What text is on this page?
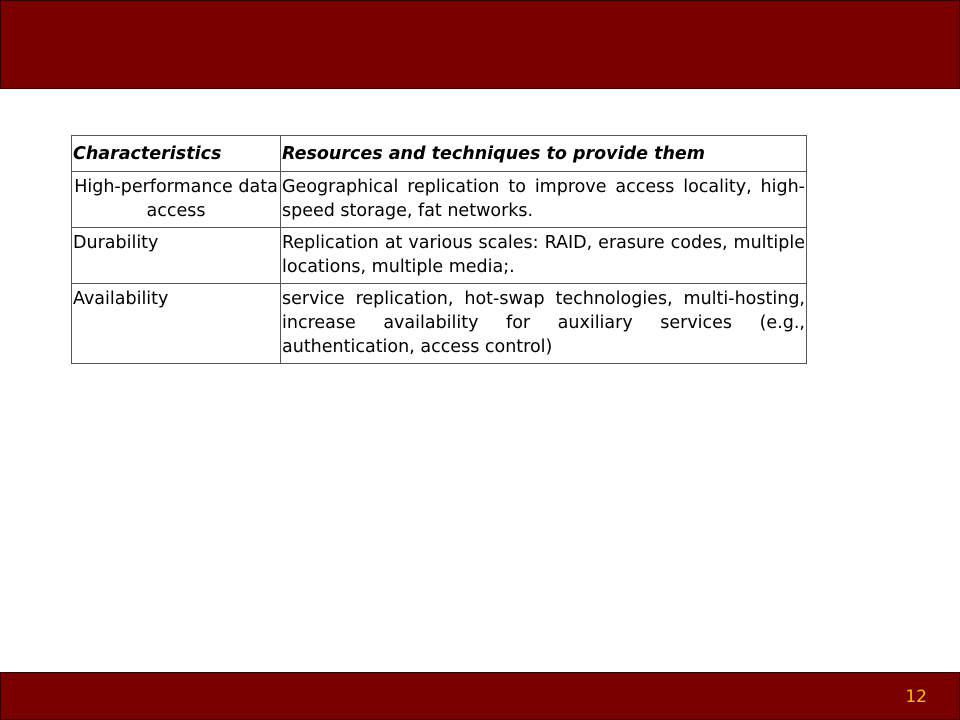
Characteristics	Resources and techniques to provide them
High-performance data access	Geographical replication to improve access locality, high-speed storage, fat networks.
Durability	Replication at various scales: RAID, erasure codes, multiple locations, multiple media;.
Availability	service replication, hot-swap technologies, multi-hosting, increase availability for auxiliary services (e.g., authentication, access control)
12
